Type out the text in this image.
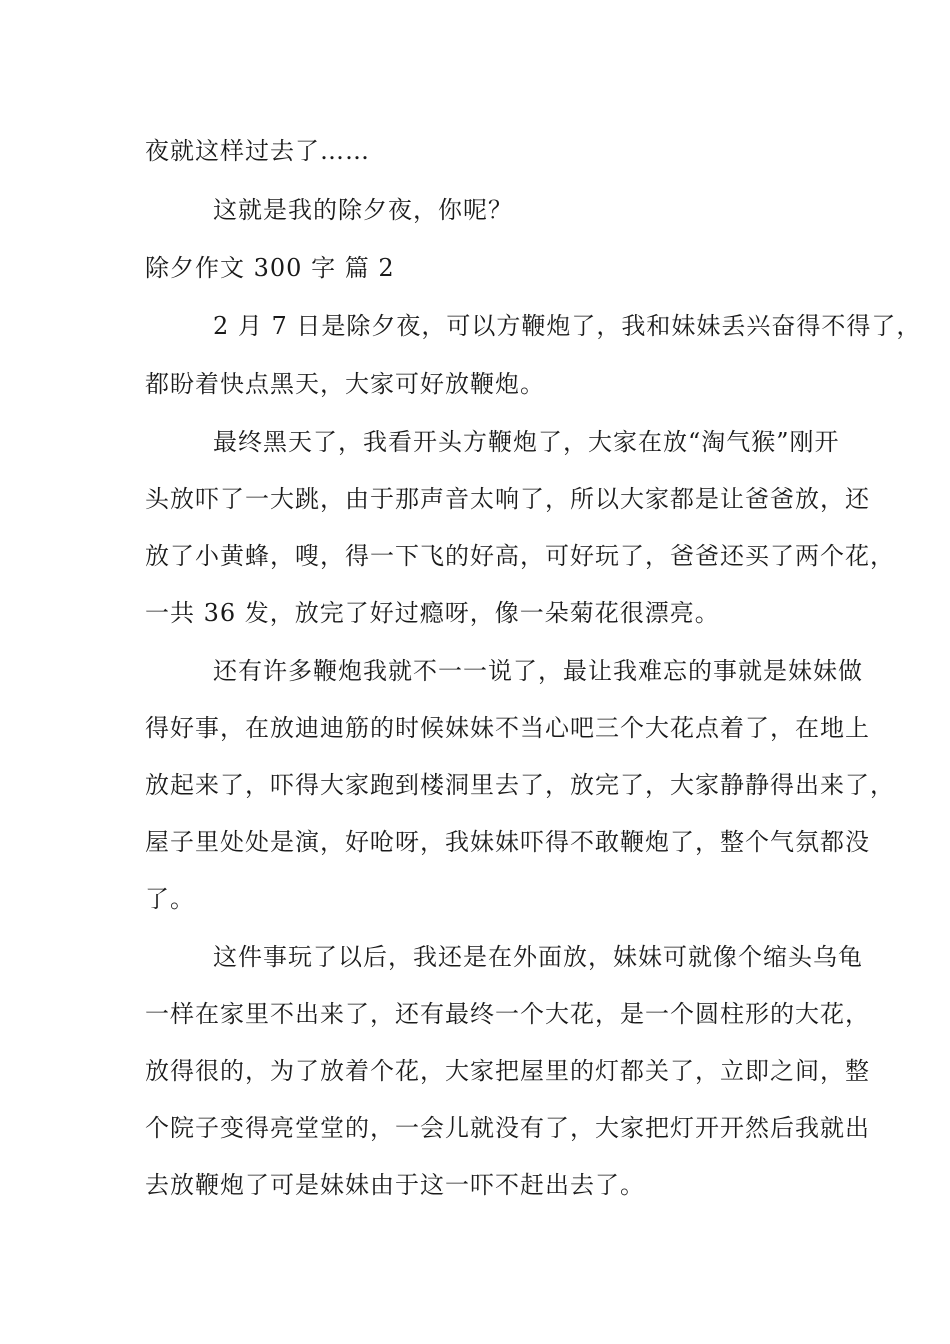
夜就这样过去了……
这就是我的除夕夜，你呢？
除夕作文 300 字 篇 2
2 月 7 日是除夕夜，可以方鞭炮了，我和妹妹丢兴奋得不得了，
都盼着快点黑天，大家可好放鞭炮。
最终黑天了，我看开头方鞭炮了，大家在放“淘气猴”刚开
头放吓了一大跳，由于那声音太响了，所以大家都是让爸爸放，还
放了小黄蜂，嗖，得一下飞的好高，可好玩了，爸爸还买了两个花，
一共 36 发，放完了好过瘾呀，像一朵菊花很漂亮。
还有许多鞭炮我就不一一说了，最让我难忘的事就是妹妹做
得好事，在放迪迪筋的时候妹妹不当心吧三个大花点着了，在地上
放起来了，吓得大家跑到楼洞里去了，放完了，大家静静得出来了，
屋子里处处是演，好呛呀，我妹妹吓得不敢鞭炮了，整个气氛都没
了。
这件事玩了以后，我还是在外面放，妹妹可就像个缩头乌龟
一样在家里不出来了，还有最终一个大花，是一个圆柱形的大花，
放得很的，为了放着个花，大家把屋里的灯都关了，立即之间，整
个院子变得亮堂堂的，一会儿就没有了，大家把灯开开然后我就出
去放鞭炮了可是妹妹由于这一吓不赶出去了。
